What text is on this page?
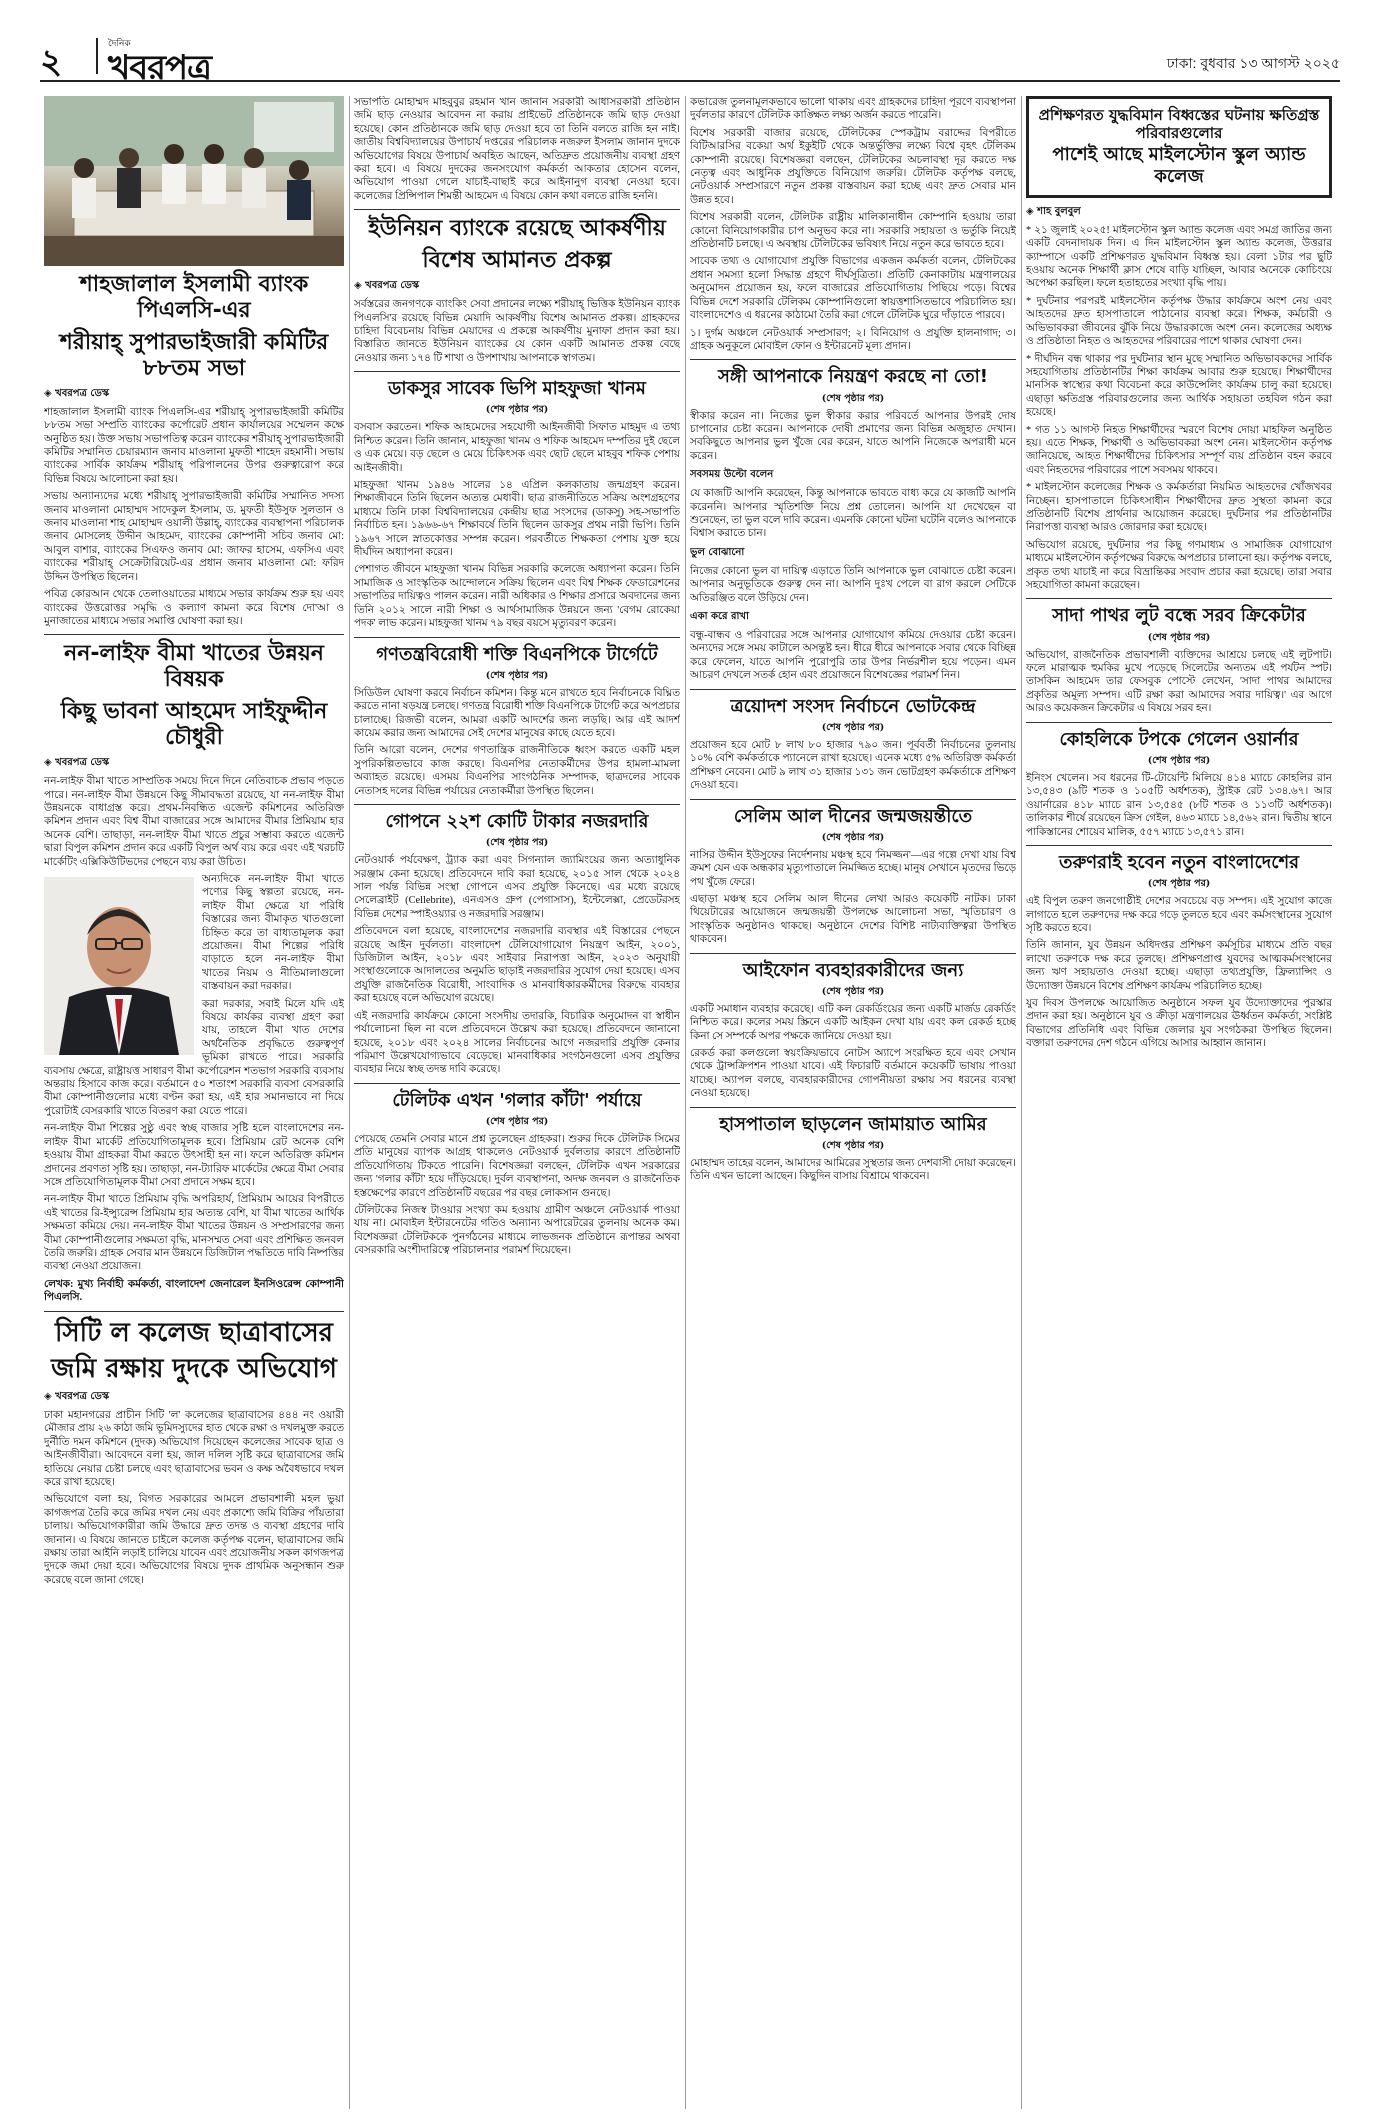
২	দৈনিক
খবরপত্র	ঢাকা: বুধবার ১৩ আগস্ট ২০২৫
শাহজালাল ইসলামী ব্যাংক পিএলসি-এর
শরীয়াহ্ সুপারভাইজারী কমিটির ৮৮তম সভা
◈ খবরপত্র ডেস্ক

শাহজালাল ইসলামী ব্যাংক পিএলসি-এর শরীয়াহ্ সুপারভাইজারী কমিটির ৮৮তম সভা সম্প্রতি ব্যাংকের কর্পোরেট প্রধান কার্যালয়ের সম্মেলন কক্ষে অনুষ্ঠিত হয়। উক্ত সভায় সভাপতিত্ব করেন ব্যাংকের শরীয়াহ্ সুপারভাইজারী কমিটির সম্মানিত চেয়ারম্যান জনাব মাওলানা মুফতী শাহেদ রহমানী। সভায় ব্যাংকের সার্বিক কার্যক্রম শরীয়াহ্ পরিপালনের উপর গুরুত্বারোপ করে বিভিন্ন বিষয়ে আলোচনা করা হয়।

সভায় অন্যান্যদের মধ্যে শরীয়াহ্ সুপারভাইজারী কমিটির সম্মানিত সদস্য জনাব মাওলানা মোহাম্মদ সাদেকুল ইসলাম, ড. মুফতী ইউসুফ সুলতান ও জনাব মাওলানা শাহ মোহাম্মদ ওয়ালী উল্লাহ্, ব্যাংকের ব্যবস্থাপনা পরিচালক জনাব মোসলেহ উদ্দীন আহমেদ, ব্যাংকের কোম্পানী সচিব জনাব মো: আবুল বাশার, ব্যাংকের সিএফও জনাব মো: জাফর হাসেম, এফসিএ এবং ব্যাংকের শরীয়াহ্ সেক্রেটারিয়েট-এর প্রধান জনাব মাওলানা মো: ফরিদ উদ্দিন উপস্থিত ছিলেন।

পবিত্র কোরআন থেকে তেলাওয়াতের মাধ্যমে সভার কার্যক্রম শুরু হয় এবং ব্যাংকের উত্তরোত্তর সমৃদ্ধি ও কল্যাণ কামনা করে বিশেষ দো'আ ও মুনাজাতের মাধ্যমে সভার সমাপ্তি ঘোষণা করা হয়।

নন-লাইফ বীমা খাতের উন্নয়ন বিষয়ক
কিছু ভাবনা আহমেদ সাইফুদ্দীন চৌধুরী
◈ খবরপত্র ডেস্ক

নন-লাইফ বীমা খাতে সাম্প্রতিক সময়ে দিনে দিনে নেতিবাচক প্রভাব পড়তে পারে। নন-লাইফ বীমা উন্নয়নে কিছু সীমাবদ্ধতা রয়েছে, যা নন-লাইফ বীমা উন্নয়নকে বাধাগ্রস্ত করে। প্রথম-নিবন্ধিত এজেন্ট কমিশনের অতিরিক্ত কমিশন প্রদান এবং বিশ্ব বীমা বাজারের সঙ্গে আমাদের বীমার প্রিমিয়াম হার অনেক বেশি। তাছাড়া, নন-লাইফ বীমা খাতে প্রচুর সম্ভাব্য করতে এজেন্ট দ্বারা বিপুল কমিশন প্রদান করে একটি বিপুল অর্থ ব্যয় করে এবং এই খরচটি মার্কেটিং এক্সিকিউটিভদের পেছনে ব্যয় করা উচিত।

অন্যদিকে নন-লাইফ বীমা খাতে পণ্যের কিছু স্বল্পতা রয়েছে, নন-লাইফ বীমা ক্ষেত্রে যা পরিধি বিস্তারের জন্য বীমাকৃত খাতগুলো চিহ্নিত করে তা বাধ্যতামূলক করা প্রয়োজন। বীমা শিল্পের পরিধি বাড়াতে হলে নন-লাইফ বীমা খাতের নিয়ম ও নীতিমালাগুলো বাস্তবায়ন করা দরকার।

করা দরকার, সবাই মিলে যদি এই বিষয়ে কার্যকর ব্যবস্থা গ্রহণ করা যায়, তাহলে বীমা খাত দেশের অর্থনৈতিক প্রবৃদ্ধিতে গুরুত্বপূর্ণ ভূমিকা রাখতে পারে। সরকারি ব্যবসায় ক্ষেত্রে, রাষ্ট্রায়ত্ত সাধারণ বীমা কর্পোরেশন শতভাগ সরকারি ব্যবসায় অন্তরায় হিসাবে কাজ করে। বর্তমানে ৫০ শতাংশ সরকারি ব্যবসা বেসরকারি বীমা কোম্পানীগুলোর মধ্যে বণ্টন করা হয়, এই হার সমানভাবে না দিয়ে পুরোটাই বেসরকারি খাতে বিতরণ করা যেতে পারে।

নন-লাইফ বীমা শিল্পের সুষ্ঠু এবং স্বচ্ছ বাজার সৃষ্টি হলে বাংলাদেশের নন-লাইফ বীমা মার্কেট প্রতিযোগিতামূলক হবে। প্রিমিয়াম রেট অনেক বেশি হওয়ায় বীমা গ্রাহকরা বীমা করতে উৎসাহী হন না। ফলে অতিরিক্ত কমিশন প্রদানের প্রবণতা সৃষ্টি হয়। তাছাড়া, নন-ট্যারিফ মার্কেটের ক্ষেত্রে বীমা সেবার সঙ্গে প্রতিযোগিতামূলক বীমা সেবা প্রদানে সক্ষম হবে।

নন-লাইফ বীমা খাতে প্রিমিয়াম বৃদ্ধি অপরিহার্য, প্রিমিয়াম আয়ের বিপরীতে এই খাতের রি-ইন্স্যুরেন্স প্রিমিয়াম হার অত্যন্ত বেশি, যা বীমা খাতের আর্থিক সক্ষমতা কমিয়ে দেয়। নন-লাইফ বীমা খাতের উন্নয়ন ও সম্প্রসারণের জন্য বীমা কোম্পানীগুলোর সক্ষমতা বৃদ্ধি, মানসম্মত সেবা এবং প্রশিক্ষিত জনবল তৈরি জরুরি। গ্রাহক সেবার মান উন্নয়নে ডিজিটাল পদ্ধতিতে দাবি নিষ্পত্তির ব্যবস্থা নেওয়া প্রয়োজন।

লেখক: মুখ্য নির্বাহী কর্মকর্তা, বাংলাদেশ জেনারেল ইনসিওরেন্স কোম্পানী পিএলসি.

সিটি ল কলেজ ছাত্রাবাসের
জমি রক্ষায় দুদকে অভিযোগ
◈ খবরপত্র ডেস্ক

ঢাকা মহানগরের প্রাচীন সিটি 'ল' কলেজের ছাত্রাবাসের ৪৪৪ নং ওয়ারী মৌজার প্রায় ২৬ কাঠা জমি ভূমিদস্যুদের হাত থেকে রক্ষা ও দখলমুক্ত করতে দুর্নীতি দমন কমিশনে (দুদক) অভিযোগ দিয়েছেন কলেজের সাবেক ছাত্র ও আইনজীবীরা। আবেদনে বলা হয়, জাল দলিল সৃষ্টি করে ছাত্রাবাসের জমি হাতিয়ে নেয়ার চেষ্টা চলছে এবং ছাত্রাবাসের ভবন ও কক্ষ অবৈধভাবে দখল করে রাখা হয়েছে।

অভিযোগে বলা হয়, বিগত সরকারের আমলে প্রভাবশালী মহল ভুয়া কাগজপত্র তৈরি করে জমির দখল নেয় এবং প্রকাশ্যে জমি বিক্রির পাঁয়তারা চালায়। অভিযোগকারীরা জমি উদ্ধারে দ্রুত তদন্ত ও ব্যবস্থা গ্রহণের দাবি জানান। এ বিষয়ে জানতে চাইলে কলেজ কর্তৃপক্ষ বলেন, ছাত্রাবাসের জমি রক্ষায় তারা আইনি লড়াই চালিয়ে যাবেন এবং প্রয়োজনীয় সকল কাগজপত্র দুদকে জমা দেয়া হবে। অভিযোগের বিষয়ে দুদক প্রাথমিক অনুসন্ধান শুরু করেছে বলে জানা গেছে।

সভাপতি মোহাম্মদ মাহবুবুর রহমান খান জানান সরকারী আধাসরকারী প্রতিষ্ঠান জমি ছাড় নেওয়ার আবেদন না করায় প্রাইভেট প্রতিষ্ঠানকে জমি ছাড় দেওয়া হয়েছে। কোন প্রতিষ্ঠানকে জমি ছাড় দেওয়া হবে তা তিনি বলতে রাজি হন নাই। জাতীয় বিশ্ববিদ্যালয়ের উপাচার্য দপ্তরের পরিচালক নজরুল ইসলাম জানান দুদকে অভিযোগের বিষয়ে উপাচার্য অবহিত আছেন, অতিদ্রুত প্রয়োজনীয় ব্যবস্থা গ্রহণ করা হবে। এ বিষয়ে দুদকের জনসংযোগ কর্মকর্তা আকতার হোসেন বলেন, অভিযোগ পাওয়া গেলে যাচাই-বাছাই করে আইনানুগ ব্যবস্থা নেওয়া হবে। কলেজের প্রিন্সিপাল শিমন্তী আহমেদ এ বিষয়ে কোন কথা বলতে রাজি হননি।

ইউনিয়ন ব্যাংকে রয়েছে আকর্ষণীয়
বিশেষ আমানত প্রকল্প
◈ খবরপত্র ডেস্ক

সর্বস্তরের জনগণকে ব্যাংকিং সেবা প্রদানের লক্ষ্যে শরীয়াহ্ ভিত্তিক ইউনিয়ন ব্যাংক পিএলসি'র রয়েছে বিভিন্ন মেয়াদি আকর্ষণীয় বিশেষ আমানত প্রকল্প। গ্রাহকদের চাহিদা বিবেচনায় বিভিন্ন মেয়াদের এ প্রকল্পে আকর্ষণীয় মুনাফা প্রদান করা হয়। বিস্তারিত জানতে ইউনিয়ন ব্যাংকের যে কোন একটি আমানত প্রকল্প বেছে নেওয়ার জন্য ১৭৪ টি শাখা ও উপশাখায় আপনাকে স্বাগতম।

ডাকসুর সাবেক ভিপি মাহফুজা খানম
(শেষ পৃষ্ঠার পর)

বসবাস করতেন। শফিক আহমেদের সহযোগী আইনজীবী সিফাত মাহমুদ এ তথ্য নিশ্চিত করেন। তিনি জানান, মাহফুজা খানম ও শফিক আহমেদ দম্পতির দুই ছেলে ও এক মেয়ে। বড় ছেলে ও মেয়ে চিকিৎসক এবং ছোট ছেলে মাহবুব শফিক পেশায় আইনজীবী।

মাহফুজা খানম ১৯৪৬ সালের ১৪ এপ্রিল কলকাতায় জন্মগ্রহণ করেন। শিক্ষাজীবনে তিনি ছিলেন অত্যন্ত মেধাবী। ছাত্র রাজনীতিতে সক্রিয় অংশগ্রহণের মাধ্যমে তিনি ঢাকা বিশ্ববিদ্যালয়ের কেন্দ্রীয় ছাত্র সংসদের (ডাকসু) সহ-সভাপতি নির্বাচিত হন। ১৯৬৬-৬৭ শিক্ষাবর্ষে তিনি ছিলেন ডাকসুর প্রথম নারী ভিপি। তিনি ১৯৬৭ সালে স্নাতকোত্তর সম্পন্ন করেন। পরবর্তীতে শিক্ষকতা পেশায় যুক্ত হয়ে দীর্ঘদিন অধ্যাপনা করেন।

পেশাগত জীবনে মাহফুজা খানম বিভিন্ন সরকারি কলেজে অধ্যাপনা করেন। তিনি সামাজিক ও সাংস্কৃতিক আন্দোলনে সক্রিয় ছিলেন এবং বিশ্ব শিক্ষক ফেডারেশনের সভাপতির দায়িত্বও পালন করেন। নারী অধিকার ও শিক্ষার প্রসারে অবদানের জন্য তিনি ২০১২ সালে নারী শিক্ষা ও আর্থসামাজিক উন্নয়নে জন্য 'বেগম রোকেয়া পদক' লাভ করেন। মাহফুজা খানম ৭৯ বছর বয়সে মৃত্যুবরণ করেন।

গণতন্ত্রবিরোধী শক্তি বিএনপিকে টার্গেটে
(শেষ পৃষ্ঠার পর)

সিডিউল ঘোষণা করবে নির্বাচন কমিশন। কিন্তু মনে রাখতে হবে নির্বাচনকে বিঘ্নিত করতে নানা ষড়যন্ত্র চলছে। গণতন্ত্র বিরোধী শক্তি বিএনপিকে টার্গেট করে অপপ্রচার চালাচ্ছে। রিজভী বলেন, আমরা একটি আদর্শের জন্য লড়ছি। আর এই আদর্শ কায়েম করার জন্য আমাদের সেই দেশের মানুষের কাছে যেতে হবে।

তিনি আরো বলেন, দেশের গণতান্ত্রিক রাজনীতিকে ধ্বংস করতে একটি মহল সুপরিকল্পিতভাবে কাজ করছে। বিএনপির নেতাকর্মীদের উপর হামলা-মামলা অব্যাহত রয়েছে। এসময় বিএনপির সাংগঠনিক সম্পাদক, ছাত্রদলের সাবেক নেতাসহ দলের বিভিন্ন পর্যায়ের নেতাকর্মীরা উপস্থিত ছিলেন।

গোপনে ২২শ কোটি টাকার নজরদারি
(শেষ পৃষ্ঠার পর)

নেটওয়ার্ক পর্যবেক্ষণ, ট্র্যাক করা এবং সিগন্যাল জ্যামিংয়ের জন্য অত্যাধুনিক সরঞ্জাম কেনা হয়েছে। প্রতিবেদনে দাবি করা হয়েছে, ২০১৫ সাল থেকে ২০২৪ সাল পর্যন্ত বিভিন্ন সংস্থা গোপনে এসব প্রযুক্তি কিনেছে। এর মধ্যে রয়েছে সেলেব্রাইট (Cellebrite), এনএসও গ্রুপ (পেগাসাস), ইন্টেলেক্সা, প্রেডেটরসহ বিভিন্ন দেশের স্পাইওয়্যার ও নজরদারি সরঞ্জাম।

প্রতিবেদনে বলা হয়েছে, বাংলাদেশের নজরদারি ব্যবস্থার এই বিস্তারের পেছনে রয়েছে আইন দুর্বলতা। বাংলাদেশ টেলিযোগাযোগ নিয়ন্ত্রণ আইন, ২০০১, ডিজিটাল আইন, ২০১৮ এবং সাইবার নিরাপত্তা আইন, ২০২৩ অনুযায়ী সংস্থাগুলোকে আদালতের অনুমতি ছাড়াই নজরদারির সুযোগ দেয়া হয়েছে। এসব প্রযুক্তি রাজনৈতিক বিরোধী, সাংবাদিক ও মানবাধিকারকর্মীদের বিরুদ্ধে ব্যবহার করা হয়েছে বলে অভিযোগ রয়েছে।

এই নজরদারি কার্যক্রমে কোনো সংসদীয় তদারকি, বিচারিক অনুমোদন বা স্বাধীন পর্যালোচনা ছিল না বলে প্রতিবেদনে উল্লেখ করা হয়েছে। প্রতিবেদনে জানানো হয়েছে, ২০১৮ এবং ২০২৪ সালের নির্বাচনের আগে নজরদারি প্রযুক্তি কেনার পরিমাণ উল্লেখযোগ্যভাবে বেড়েছে। মানবাধিকার সংগঠনগুলো এসব প্রযুক্তির ব্যবহার নিয়ে স্বচ্ছ তদন্ত দাবি করেছে।

টেলিটক এখন 'গলার কাঁটা' পর্যায়ে
(শেষ পৃষ্ঠার পর)

পেয়েছে তেমনি সেবার মানে প্রশ্ন তুলেছেন গ্রাহকরা। শুরুর দিকে টেলিটক সিমের প্রতি মানুষের ব্যাপক আগ্রহ থাকলেও নেটওয়ার্ক দুর্বলতার কারণে প্রতিষ্ঠানটি প্রতিযোগিতায় টিকতে পারেনি। বিশেষজ্ঞরা বলছেন, টেলিটক এখন সরকারের জন্য 'গলার কাঁটা' হয়ে দাঁড়িয়েছে। দুর্বল ব্যবস্থাপনা, অদক্ষ জনবল ও রাজনৈতিক হস্তক্ষেপের কারণে প্রতিষ্ঠানটি বছরের পর বছর লোকসান গুনছে।

টেলিটকের নিজস্ব টাওয়ার সংখ্যা কম হওয়ায় গ্রামীণ অঞ্চলে নেটওয়ার্ক পাওয়া যায় না। মোবাইল ইন্টারনেটের গতিও অন্যান্য অপারেটরের তুলনায় অনেক কম। বিশেষজ্ঞরা টেলিটককে পুনর্গঠনের মাধ্যমে লাভজনক প্রতিষ্ঠানে রূপান্তর অথবা বেসরকারি অংশীদারিত্বে পরিচালনার পরামর্শ দিয়েছেন।

কভারেজ তুলনামূলকভাবে ভালো থাকায় এবং গ্রাহকদের চাহিদা পূরণে ব্যবস্থাপনা দুর্বলতার কারণে টেলিটক কাঙ্ক্ষিত লক্ষ্য অর্জন করতে পারেনি।

বিশেষ সরকারী বাজার রয়েছে, টেলিটকের স্পেকট্রাম বরাদ্দের বিপরীতে বিটিআরসির বকেয়া অর্থ ইকুইটি থেকে অন্তর্ভুক্তির লক্ষ্যে বিশ্বে বৃহৎ টেলিকম কোম্পানী রয়েছে। বিশেষজ্ঞরা বলছেন, টেলিটকের অচলাবস্থা দূর করতে দক্ষ নেতৃত্ব এবং আধুনিক প্রযুক্তিতে বিনিয়োগ জরুরি। টেলিটক কর্তৃপক্ষ বলছে, নেটওয়ার্ক সম্প্রসারণে নতুন প্রকল্প বাস্তবায়ন করা হচ্ছে এবং দ্রুত সেবার মান উন্নত হবে।

বিশেষ সরকারী বলেন, টেলিটক রাষ্ট্রীয় মালিকানাধীন কোম্পানি হওয়ায় তারা কোনো বিনিয়োগকারীর চাপ অনুভব করে না। সরকারি সহায়তা ও ভর্তুকি নিয়েই প্রতিষ্ঠানটি চলছে। এ অবস্থায় টেলিটকের ভবিষ্যৎ নিয়ে নতুন করে ভাবতে হবে।

সাবেক তথ্য ও যোগাযোগ প্রযুক্তি বিভাগের একজন কর্মকর্তা বলেন, টেলিটকের প্রধান সমস্যা হলো সিদ্ধান্ত গ্রহণে দীর্ঘসূত্রিতা। প্রতিটি কেনাকাটায় মন্ত্রণালয়ের অনুমোদন প্রয়োজন হয়, ফলে বাজারের প্রতিযোগিতায় পিছিয়ে পড়ে। বিশ্বের বিভিন্ন দেশে সরকারি টেলিকম কোম্পানিগুলো স্বায়ত্তশাসিতভাবে পরিচালিত হয়। বাংলাদেশেও এ ধরনের কাঠামো তৈরি করা গেলে টেলিটক ঘুরে দাঁড়াতে পারবে।

১। দুর্গম অঞ্চলে নেটওয়ার্ক সম্প্রসারণ; ২। বিনিয়োগ ও প্রযুক্তি হালনাগাদ; ৩। গ্রাহক অনুকূলে মোবাইল ফোন ও ইন্টারনেট মূল্য প্রদান।

সঙ্গী আপনাকে নিয়ন্ত্রণ করছে না তো!
(শেষ পৃষ্ঠার পর)

স্বীকার করেন না। নিজের ভুল স্বীকার করার পরিবর্তে আপনার উপরই দোষ চাপানোর চেষ্টা করেন। আপনাকে দোষী প্রমাণের জন্য বিভিন্ন অজুহাত দেখান। সবকিছুতে আপনার ভুল খুঁজে বের করেন, যাতে আপনি নিজেকে অপরাধী মনে করেন।

সবসময় উল্টো বলেন

যে কাজটি আপনি করেছেন, কিন্তু আপনাকে ভাবতে বাধ্য করে যে কাজটি আপনি করেননি। আপনার স্মৃতিশক্তি নিয়ে প্রশ্ন তোলেন। আপনি যা দেখেছেন বা শুনেছেন, তা ভুল বলে দাবি করেন। এমনকি কোনো ঘটনা ঘটেনি বলেও আপনাকে বিশ্বাস করাতে চান।

ভুল বোঝানো

নিজের কোনো ভুল বা দায়িত্ব এড়াতে তিনি আপনাকে ভুল বোঝাতে চেষ্টা করেন। আপনার অনুভূতিকে গুরুত্ব দেন না। আপনি দুঃখ পেলে বা রাগ করলে সেটিকে অতিরঞ্জিত বলে উড়িয়ে দেন।

একা করে রাখা

বন্ধু-বান্ধব ও পরিবারের সঙ্গে আপনার যোগাযোগ কমিয়ে দেওয়ার চেষ্টা করেন। অন্যদের সঙ্গে সময় কাটালে অসন্তুষ্ট হন। ধীরে ধীরে আপনাকে সবার থেকে বিচ্ছিন্ন করে ফেলেন, যাতে আপনি পুরোপুরি তার উপর নির্ভরশীল হয়ে পড়েন। এমন আচরণ দেখলে সতর্ক হোন এবং প্রয়োজনে বিশেষজ্ঞের পরামর্শ নিন।

ত্রয়োদশ সংসদ নির্বাচনে ভোটকেন্দ্র
(শেষ পৃষ্ঠার পর)

প্রয়োজন হবে মোট ৮ লাখ ৮০ হাজার ৭৯০ জন। পূর্ববর্তী নির্বাচনের তুলনায় ১০% বেশি কর্মকর্তাকে প্যানেলে রাখা হয়েছে। এনেক মধ্যে ৫% অতিরিক্ত কর্মকর্তা প্রশিক্ষণ নেবেন। মোট ৯ লাখ ৩১ হাজার ১৩১ জন ভোটগ্রহণ কর্মকর্তাকে প্রশিক্ষণ দেওয়া হবে।

সেলিম আল দীনের জন্মজয়ন্তীতে
(শেষ পৃষ্ঠার পর)

নাসির উদ্দীন ইউসুফের নির্দেশনায় মঞ্চস্থ হবে 'নিমজ্জন'—এর গল্পে দেখা যায় বিশ্ব ক্রমশ যেন এক অন্ধকার মৃত্যুপাতালে নিমজ্জিত হচ্ছে। মানুষ সেখানে মৃতদের ভিড়ে পথ খুঁজে ফেরে।

এছাড়া মঞ্চস্থ হবে সেলিম আল দীনের লেখা আরও কয়েকটি নাটক। ঢাকা থিয়েটারের আয়োজনে জন্মজয়ন্তী উপলক্ষে আলোচনা সভা, স্মৃতিচারণ ও সাংস্কৃতিক অনুষ্ঠানও থাকছে। অনুষ্ঠানে দেশের বিশিষ্ট নাট্যব্যক্তিত্বরা উপস্থিত থাকবেন।

আইফোন ব্যবহারকারীদের জন্য
(শেষ পৃষ্ঠার পর)

একটি সমাধান ব্যবহার করেছে। এটি কল রেকর্ডিংয়ের জন্য একটি মার্জড রেকর্ডিং নিশ্চিত করে। কলের সময় স্ক্রিনে একটি আইকন দেখা যায় এবং কল রেকর্ড হচ্ছে কিনা সে সম্পর্কে অপর পক্ষকে জানিয়ে দেওয়া হয়।

রেকর্ড করা কলগুলো স্বয়ংক্রিয়ভাবে নোটস অ্যাপে সংরক্ষিত হবে এবং সেখান থেকে ট্রান্সক্রিপশন পাওয়া যাবে। এই ফিচারটি বর্তমানে কয়েকটি ভাষায় পাওয়া যাচ্ছে। অ্যাপল বলছে, ব্যবহারকারীদের গোপনীয়তা রক্ষায় সব ধরনের ব্যবস্থা নেওয়া হয়েছে।

হাসপাতাল ছাড়লেন জামায়াত আমির
(শেষ পৃষ্ঠার পর)

মোহাম্মদ তাহের বলেন, আমাদের আমিরের সুস্থতার জন্য দেশবাসী দোয়া করেছেন। তিনি এখন ভালো আছেন। কিছুদিন বাসায় বিশ্রামে থাকবেন।

প্রশিক্ষণরত যুদ্ধবিমান বিধ্বস্তের ঘটনায় ক্ষতিগ্রস্ত পরিবারগুলোর
পাশেই আছে মাইলস্টোন স্কুল অ্যান্ড কলেজ
◈ শাহ বুলবুল

* ২১ জুলাই ২০২৫! মাইলস্টোন স্কুল অ্যান্ড কলেজ এবং সমগ্র জাতির জন্য একটি বেদনাদায়ক দিন। এ দিন মাইলস্টোন স্কুল অ্যান্ড কলেজ, উত্তরার ক্যাম্পাসে একটি প্রশিক্ষণরত যুদ্ধবিমান বিধ্বস্ত হয়। বেলা ১টার পর ছুটি হওয়ায় অনেক শিক্ষার্থী ক্লাস শেষে বাড়ি যাচ্ছিল, আবার অনেকে কোচিংয়ে অপেক্ষা করছিল। ফলে হতাহতের সংখ্যা বৃদ্ধি পায়।

* দুর্ঘটনার পরপরই মাইলস্টোন কর্তৃপক্ষ উদ্ধার কার্যক্রমে অংশ নেয় এবং আহতদের দ্রুত হাসপাতালে পাঠানোর ব্যবস্থা করে। শিক্ষক, কর্মচারী ও অভিভাবকরা জীবনের ঝুঁকি নিয়ে উদ্ধারকাজে অংশ নেন। কলেজের অধ্যক্ষ ও প্রতিষ্ঠাতা নিহত ও আহতদের পরিবারের পাশে থাকার ঘোষণা দেন।

* দীর্ঘদিন বন্ধ থাকার পর দুর্ঘটনার স্থান মুছে সম্মানিত অভিভাবকদের সার্বিক সহযোগিতায় প্রতিষ্ঠানটির শিক্ষা কার্যক্রম আবার শুরু হয়েছে। শিক্ষার্থীদের মানসিক স্বাস্থ্যের কথা বিবেচনা করে কাউন্সেলিং কার্যক্রম চালু করা হয়েছে। এছাড়া ক্ষতিগ্রস্ত পরিবারগুলোর জন্য আর্থিক সহায়তা তহবিল গঠন করা হয়েছে।

* গত ১১ আগস্ট নিহত শিক্ষার্থীদের স্মরণে বিশেষ দোয়া মাহফিল অনুষ্ঠিত হয়। এতে শিক্ষক, শিক্ষার্থী ও অভিভাবকরা অংশ নেন। মাইলস্টোন কর্তৃপক্ষ জানিয়েছে, আহত শিক্ষার্থীদের চিকিৎসার সম্পূর্ণ ব্যয় প্রতিষ্ঠান বহন করবে এবং নিহতদের পরিবারের পাশে সবসময় থাকবে।

* মাইলস্টোন কলেজের শিক্ষক ও কর্মকর্তারা নিয়মিত আহতদের খোঁজখবর নিচ্ছেন। হাসপাতালে চিকিৎসাধীন শিক্ষার্থীদের দ্রুত সুস্থতা কামনা করে প্রতিষ্ঠানটি বিশেষ প্রার্থনার আয়োজন করেছে। দুর্ঘটনার পর প্রতিষ্ঠানটির নিরাপত্তা ব্যবস্থা আরও জোরদার করা হয়েছে।

অভিযোগ রয়েছে, দুর্ঘটনার পর কিছু গণমাধ্যম ও সামাজিক যোগাযোগ মাধ্যমে মাইলস্টোন কর্তৃপক্ষের বিরুদ্ধে অপপ্রচার চালানো হয়। কর্তৃপক্ষ বলছে, প্রকৃত তথ্য যাচাই না করে বিভ্রান্তিকর সংবাদ প্রচার করা হয়েছে। তারা সবার সহযোগিতা কামনা করেছেন।

সাদা পাথর লুট বন্ধে সরব ক্রিকেটার
(শেষ পৃষ্ঠার পর)

অভিযোগ, রাজনৈতিক প্রভাবশালী ব্যক্তিদের আশ্রয়ে চলছে এই লুটপাট। ফলে মারাত্মক হুমকির মুখে পড়েছে সিলেটের অন্যতম এই পর্যটন স্পট। তাসকিন আহমেদ তার ফেসবুক পোস্টে লেখেন, 'সাদা পাথর আমাদের প্রকৃতির অমূল্য সম্পদ। এটি রক্ষা করা আমাদের সবার দায়িত্ব।' এর আগে আরও কয়েকজন ক্রিকেটার এ বিষয়ে সরব হন।

কোহলিকে টপকে গেলেন ওয়ার্নার
(শেষ পৃষ্ঠার পর)

ইনিংস খেলেন। সব ধরনের টি-টোয়েন্টি মিলিয়ে ৪১৪ ম্যাচে কোহলির রান ১৩,৫৪৩ (৯টি শতক ও ১০৫টি অর্ধশতক), স্ট্রাইক রেট ১৩৪.৬৭। আর ওয়ার্নারের ৪১৮ ম্যাচে রান ১৩,৫৪৫ (৮টি শতক ও ১১৩টি অর্ধশতক)। তালিকার শীর্ষে রয়েছেন ক্রিস গেইল, ৪৬৩ ম্যাচে ১৪,৫৬২ রান। দ্বিতীয় স্থানে পাকিস্তানের শোয়েব মালিক, ৫৫৭ ম্যাচে ১৩,৫৭১ রান।

তরুণরাই হবেন নতুন বাংলাদেশের
(শেষ পৃষ্ঠার পর)

এই বিপুল তরুণ জনগোষ্ঠীই দেশের সবচেয়ে বড় সম্পদ। এই সুযোগ কাজে লাগাতে হলে তরুণদের দক্ষ করে গড়ে তুলতে হবে এবং কর্মসংস্থানের সুযোগ সৃষ্টি করতে হবে।

তিনি জানান, যুব উন্নয়ন অধিদপ্তর প্রশিক্ষণ কর্মসূচির মাধ্যমে প্রতি বছর লাখো তরুণকে দক্ষ করে তুলছে। প্রশিক্ষণপ্রাপ্ত যুবদের আত্মকর্মসংস্থানের জন্য ঋণ সহায়তাও দেওয়া হচ্ছে। এছাড়া তথ্যপ্রযুক্তি, ফ্রিল্যান্সিং ও উদ্যোক্তা উন্নয়নে বিশেষ প্রশিক্ষণ কার্যক্রম পরিচালিত হচ্ছে।

যুব দিবস উপলক্ষে আয়োজিত অনুষ্ঠানে সফল যুব উদ্যোক্তাদের পুরস্কার প্রদান করা হয়। অনুষ্ঠানে যুব ও ক্রীড়া মন্ত্রণালয়ের ঊর্ধ্বতন কর্মকর্তা, সংশ্লিষ্ট বিভাগের প্রতিনিধি এবং বিভিন্ন জেলার যুব সংগঠকরা উপস্থিত ছিলেন। বক্তারা তরুণদের দেশ গঠনে এগিয়ে আসার আহ্বান জানান।
